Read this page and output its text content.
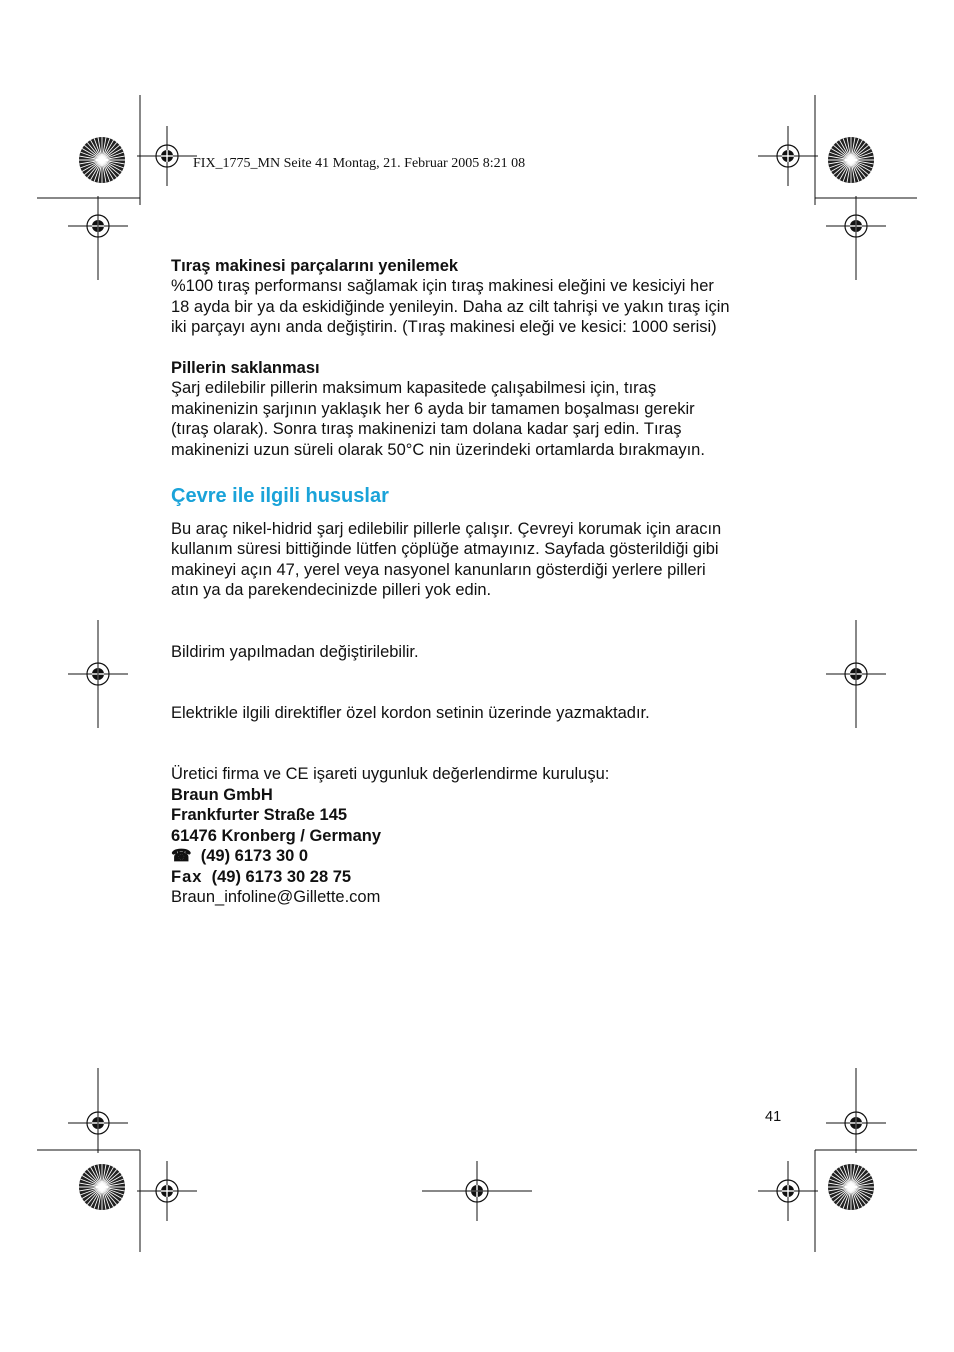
FIX_1775_MN Seite 41 Montag, 21. Februar 2005 8:21 08

Tıraş makinesi parçalarını yenilemek

%100 tıraş performansı sağlamak için tıraş makinesi eleğini ve kesiciyi her

18 ayda bir ya da eskidiğinde yenileyin. Daha az cilt tahrişi ve yakın tıraş için

iki parçayı aynı anda değiştirin. (Tıraş makinesi eleği ve kesici: 1000 serisi)

Pillerin saklanması

Şarj edilebilir pillerin maksimum kapasitede çalışabilmesi için, tıraş

makinenizin şarjının yaklaşık her 6 ayda bir tamamen boşalması gerekir

(tıraş olarak). Sonra tıraş makinenizi tam dolana kadar şarj edin. Tıraş

makinenizi uzun süreli olarak 50°C nin üzerindeki ortamlarda bırakmayın.

Çevre ile ilgili hususlar

Bu araç nikel-hidrid şarj edilebilir pillerle çalışır. Çevreyi korumak için aracın

kullanım süresi bittiğinde lütfen çöplüğe atmayınız. Sayfada gösterildiği gibi

makineyi açın 47, yerel veya nasyonel kanunların gösterdiği yerlere pilleri

atın ya da parekendecinizde pilleri yok edin.

Bildirim yapılmadan değiştirilebilir.

Elektrikle ilgili direktifler özel kordon setinin üzerinde yazmaktadır.

Üretici firma ve CE işareti uygunluk değerlendirme kuruluşu:

Braun GmbH

Frankfurter Straße 145

61476 Kronberg / Germany

☎ (49) 6173 30 0

Fax (49) 6173 30 28 75

Braun_infoline@Gillette.com

41
